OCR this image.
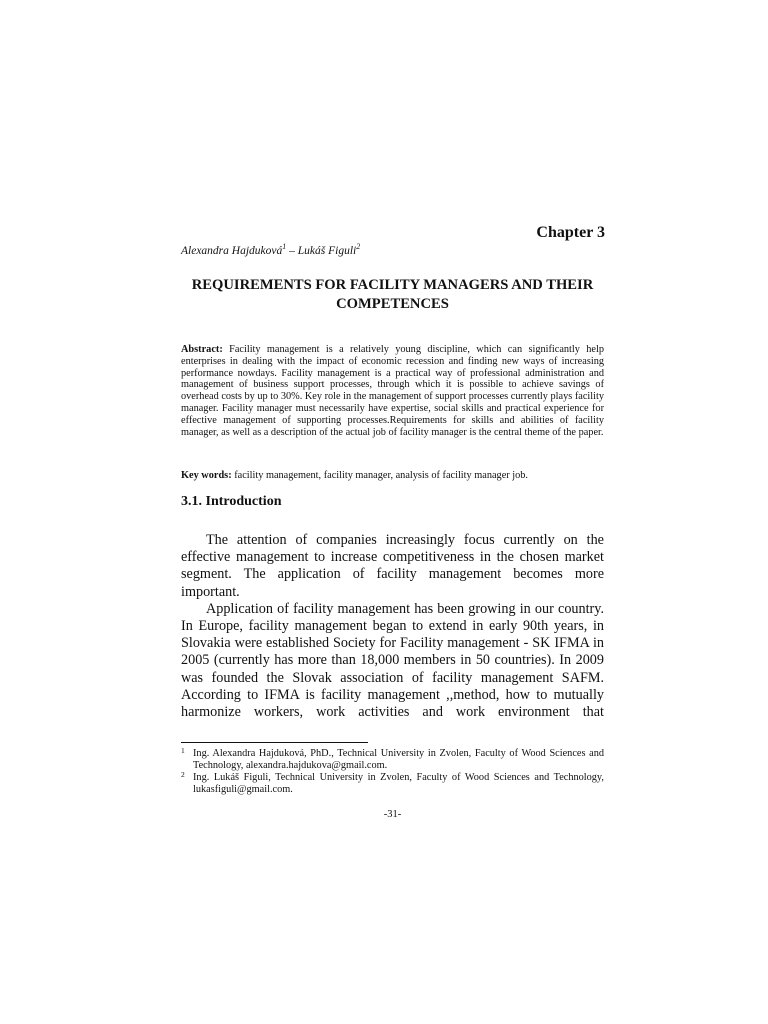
Chapter 3
Alexandra Hajduková$^1$ – Lukáš Figuli$^2$
REQUIREMENTS FOR FACILITY MANAGERS AND THEIR COMPETENCES
Abstract: Facility management is a relatively young discipline, which can significantly help enterprises in dealing with the impact of economic recession and finding new ways of increasing performance nowdays. Facility management is a practical way of professional administration and management of business support processes, through which it is possible to achieve savings of overhead costs by up to 30%. Key role in the management of support processes currently plays facility manager. Facility manager must necessarily have expertise, social skills and practical experience for effective management of supporting processes.Requirements for skills and abilities of facility manager, as well as a description of the actual job of facility manager is the central theme of the paper.
Key words: facility management, facility manager, analysis of facility manager job.
3.1. Introduction

The attention of companies increasingly focus currently on the effective management to increase competitiveness in the chosen market segment. The application of facility management becomes more important.

Application of facility management has been growing in our country. In Europe, facility management began to extend in early 90th years, in Slovakia were established Society for Facility management - SK IFMA in 2005 (currently has more than 18,000 members in 50 countries). In 2009 was founded the Slovak association of facility management SAFM. According to IFMA is facility management ,,method, how to mutually harmonize workers, work activities and work environment that

1 Ing. Alexandra Hajduková, PhD., Technical University in Zvolen, Faculty of Wood Sciences and Technology, alexandra.hajdukova@gmail.com.
2 Ing. Lukáš Figuli, Technical University in Zvolen, Faculty of Wood Sciences and Technology, lukasfiguli@gmail.com.
-31-
